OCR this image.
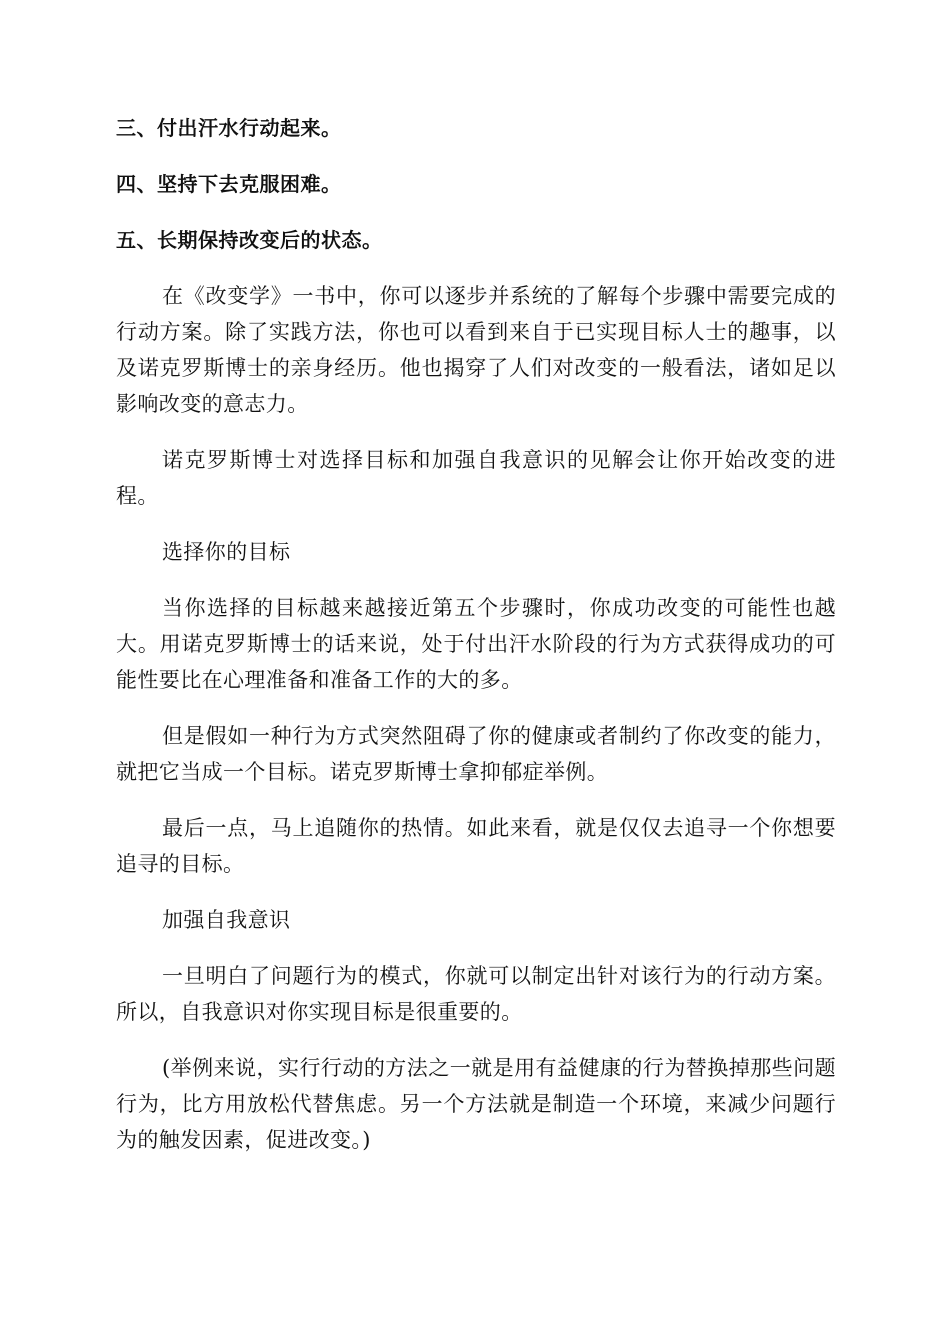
三、付出汗水行动起来。

四、坚持下去克服困难。

五、长期保持改变后的状态。

在《改变学》一书中，你可以逐步并系统的了解每个步骤中需要完成的行动方案。除了实践方法，你也可以看到来自于已实现目标人士的趣事，以及诺克罗斯博士的亲身经历。他也揭穿了人们对改变的一般看法，诸如足以影响改变的意志力。

诺克罗斯博士对选择目标和加强自我意识的见解会让你开始改变的进程。

选择你的目标

当你选择的目标越来越接近第五个步骤时，你成功改变的可能性也越大。用诺克罗斯博士的话来说，处于付出汗水阶段的行为方式获得成功的可能性要比在心理准备和准备工作的大的多。

但是假如一种行为方式突然阻碍了你的健康或者制约了你改变的能力，就把它当成一个目标。诺克罗斯博士拿抑郁症举例。

最后一点，马上追随你的热情。如此来看，就是仅仅去追寻一个你想要追寻的目标。

加强自我意识

一旦明白了问题行为的模式，你就可以制定出针对该行为的行动方案。所以，自我意识对你实现目标是很重要的。

(举例来说，实行行动的方法之一就是用有益健康的行为替换掉那些问题行为，比方用放松代替焦虑。另一个方法就是制造一个环境，来减少问题行为的触发因素，促进改变。)
